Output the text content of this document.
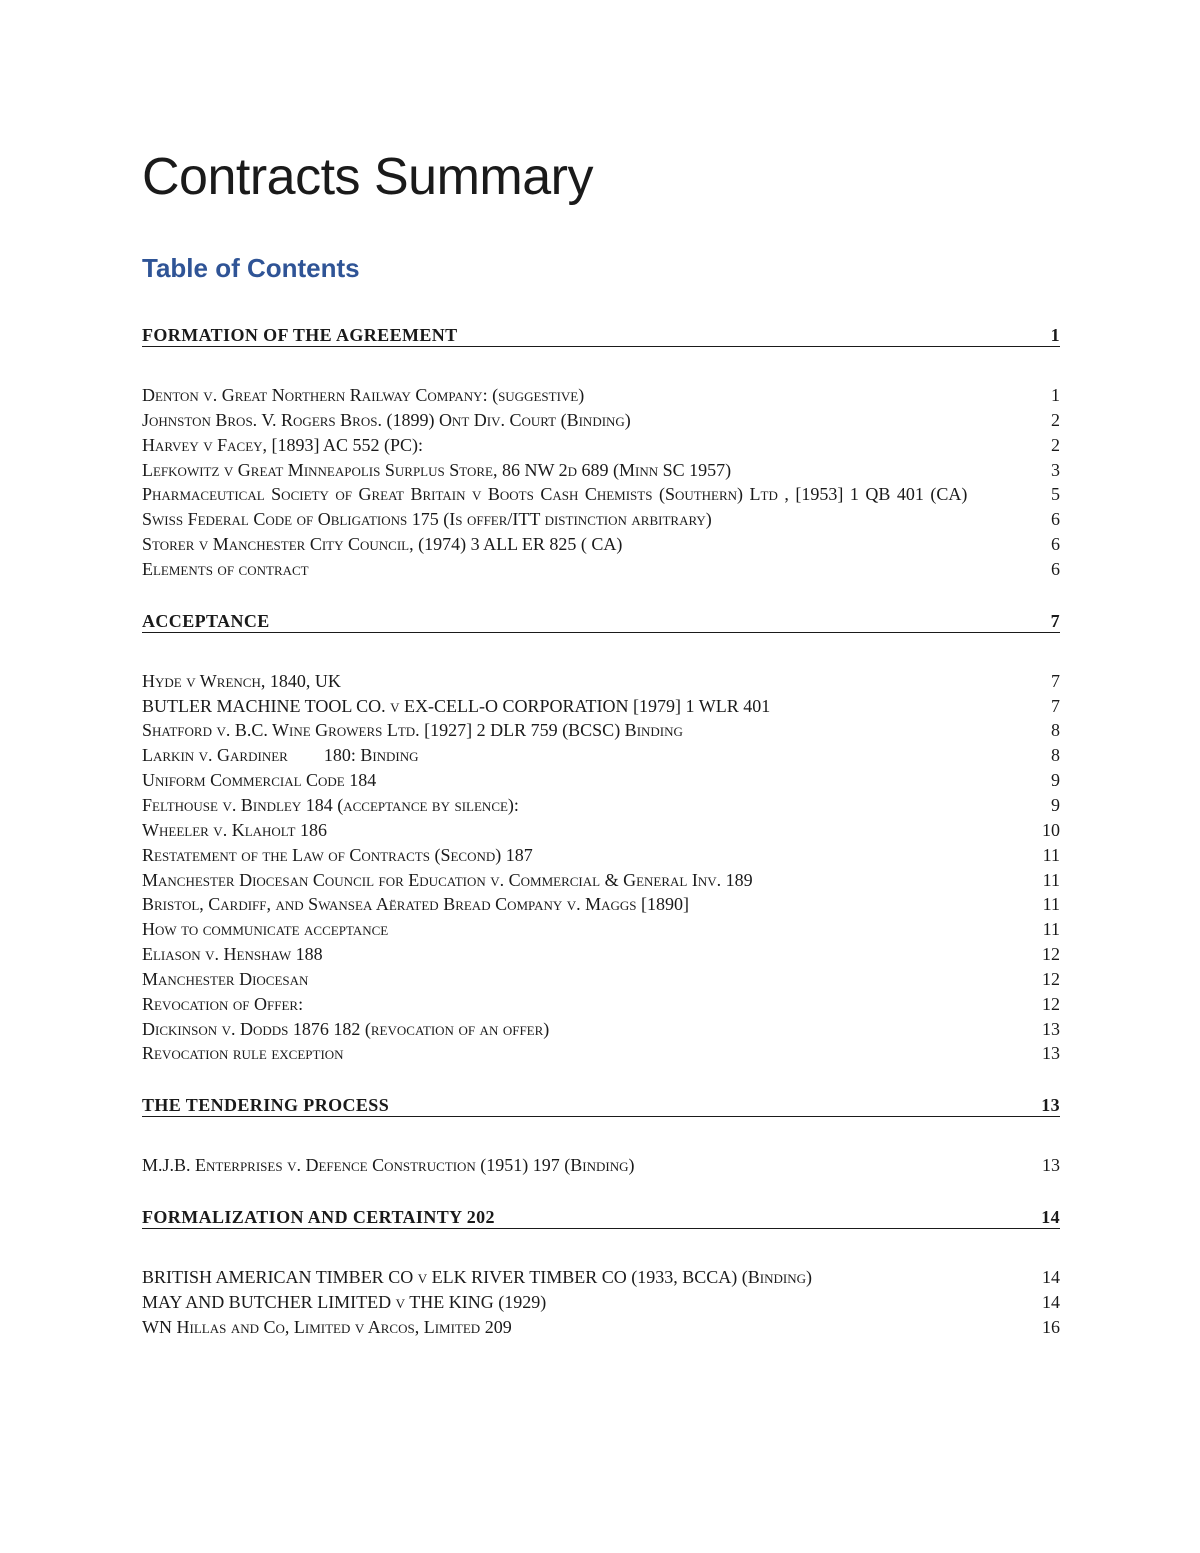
Contracts Summary
Table of Contents
FORMATION OF THE AGREEMENT	1
Denton v. Great Northern Railway Company: (suggestive)	1
Johnston Bros. V. Rogers Bros. (1899) Ont Div. Court (Binding)	2
Harvey v Facey, [1893] AC 552 (PC):	2
Lefkowitz v Great Minneapolis Surplus Store, 86 NW 2d 689 (Minn SC 1957)	3
Pharmaceutical Society of Great Britain v Boots Cash Chemists (Southern) Ltd , [1953] 1 QB 401 (CA)	5
Swiss Federal Code of Obligations 175 (Is offer/ITT distinction arbitrary)	6
Storer v Manchester City Council, (1974) 3 ALL ER 825 ( CA)	6
Elements of contract	6
ACCEPTANCE	7
Hyde v Wrench, 1840, UK	7
BUTLER MACHINE TOOL CO. v EX-CELL-O CORPORATION [1979] 1 WLR 401	7
Shatford v. B.C. Wine Growers Ltd. [1927] 2 DLR 759 (BCSC) Binding	8
Larkin v. Gardiner        180: Binding	8
Uniform Commercial Code 184	9
Felthouse v. Bindley 184 (acceptance by silence):	9
Wheeler v. Klaholt 186	10
Restatement of the Law of Contracts (Second) 187	11
Manchester Diocesan Council for Education v. Commercial & General Inv. 189	11
Bristol, Cardiff, and Swansea Aërated Bread Company v. Maggs [1890]	11
How to communicate acceptance	11
Eliason v. Henshaw 188	12
Manchester Diocesan	12
Revocation of Offer:	12
Dickinson v. Dodds 1876 182 (revocation of an offer)	13
Revocation rule exception	13
THE TENDERING PROCESS	13
M.J.B. Enterprises v. Defence Construction (1951) 197 (Binding)	13
FORMALIZATION AND CERTAINTY 202	14
BRITISH AMERICAN TIMBER CO v ELK RIVER TIMBER CO (1933, BCCA) (Binding)	14
MAY AND BUTCHER LIMITED v THE KING (1929)	14
WN Hillas and Co, Limited v Arcos, Limited 209	16
